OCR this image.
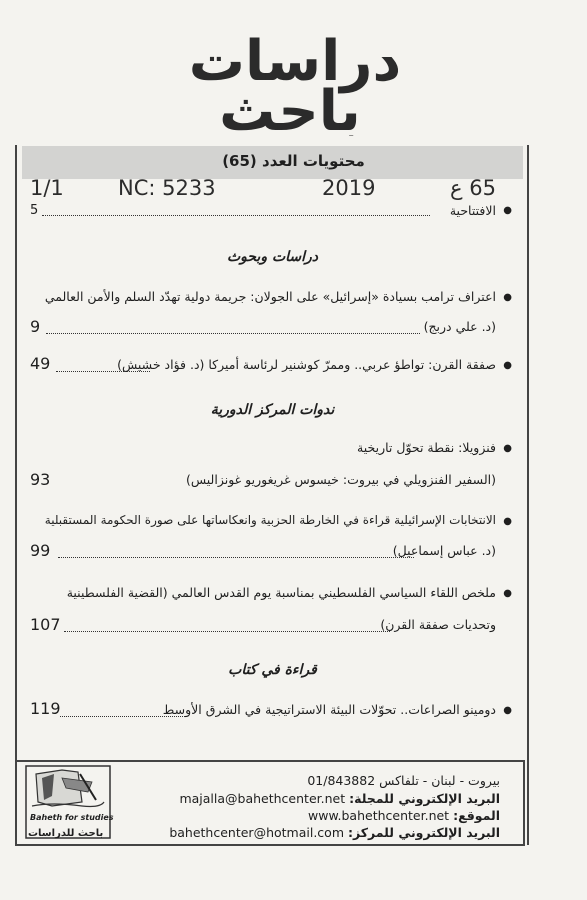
دراسات
باحث
محتويات العدد (65)
1/1	NC: 5233	2019	65 ع
●
الافتتاحية
5
دراسات وبحوث
●
اعتراف ترامب بسيادة «إسرائيل» على الجولان: جريمة دولية تهدّد السلم والأمن العالمي
(د. علي دربج)
9
●
صفقة القرن: تواطؤ عربي.. وممرّ كوشنير لرئاسة أميركا (د. فؤاد خشيش)
49
ندوات المركز الدورية
●
فنزويلا: نقطة تحوّل تاريخية
(السفير الفنزويلي في بيروت: خيسوس غريغوريو غونزاليس)
93
●
الانتخابات الإسرائيلية قراءة في الخارطة الحزبية وانعكاساتها على صورة الحكومة المستقبلية
(د. عباس إسماعيل)
99
●
ملخص اللقاء السياسي الفلسطيني بمناسبة يوم القدس العالمي (القضية الفلسطينية
وتحديات صفقة القرن)
107
قراءة في كتاب
●
دومينو الصراعات.. تحوّلات البيئة الاستراتيجية في الشرق الأوسط
119
Baheth for studies
باحث للدراسات
بيروت - لبنان - تلفاكس 01/843882
البريد الإلكتروني للمجلة: majalla@bahethcenter.net
الموقع: www.bahethcenter.net
البريد الإلكتروني للمركز: bahethcenter@hotmail.com
